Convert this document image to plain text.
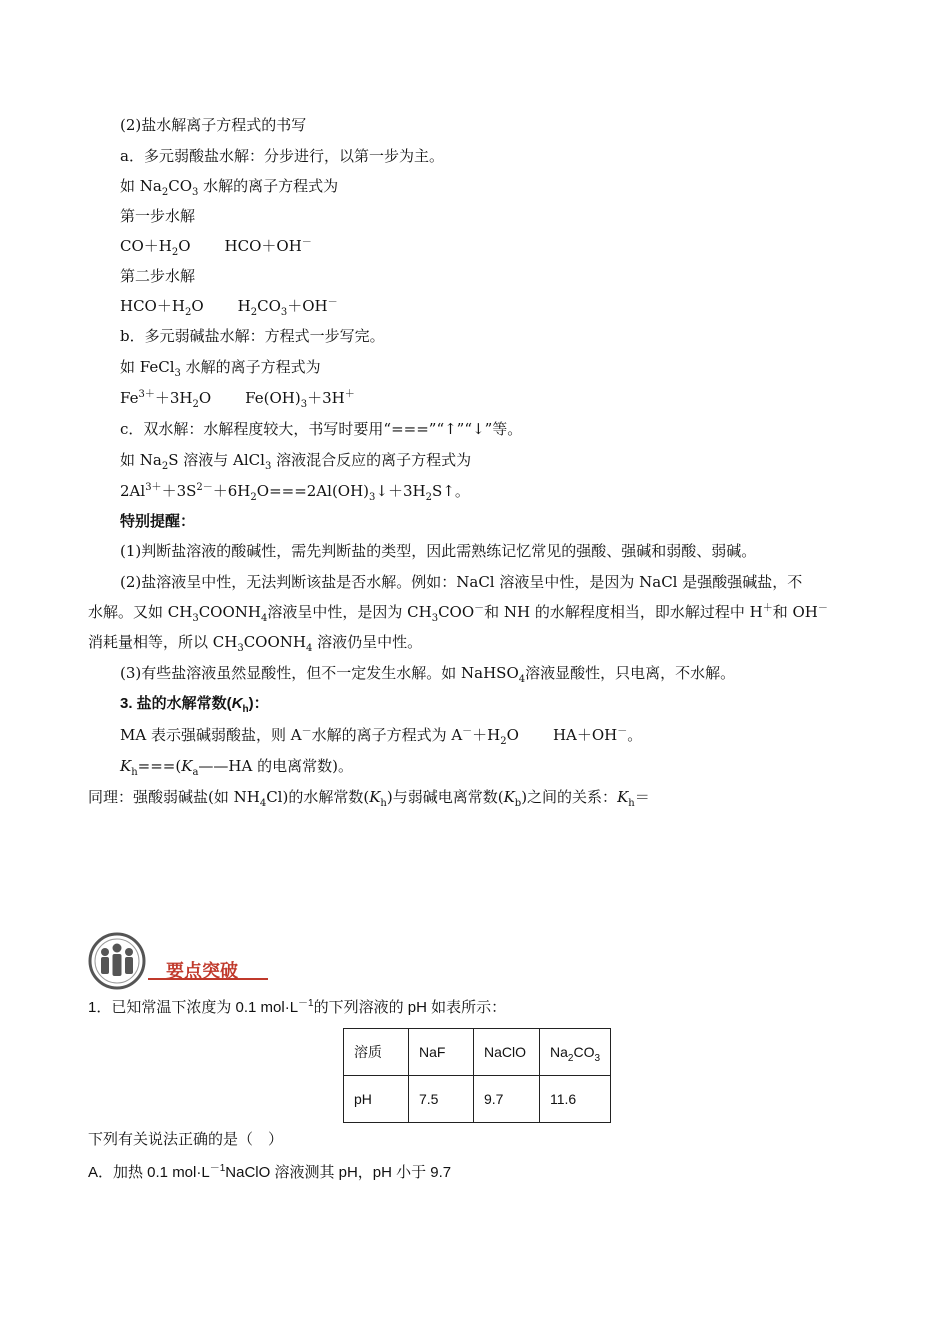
(2)盐水解离子方程式的书写
a．多元弱酸盐水解：分步进行，以第一步为主。
如 $Na_2CO_3$ 水解的离子方程式为
第一步水解
$CO+H_2O$ HCO＋OH－
第二步水解
$HCO+H_2O$ $H_2CO_3+OH^-$
b．多元弱碱盐水解：方程式一步写完。
如 FeCl$_3$ 水解的离子方程式为
$Fe^{3+}+3H_2O$ $Fe(OH)_3+3H^+$
c．双水解：水解程度较大，书写时要用“===”“↑”“↓”等。
如 $Na_2S$ 溶液与 AlCl$_3$ 溶液混合反应的离子方程式为
$2Al^{3+}+3S^{2-}+6H_2O===2Al(OH)_3↓+3H_2S↑$。
特别提醒：
(1)判断盐溶液的酸碱性，需先判断盐的类型，因此需熟练记忆常见的强酸、强碱和弱酸、弱碱。
(2)盐溶液呈中性，无法判断该盐是否水解。例如：NaCl 溶液呈中性，是因为 NaCl 是强酸强碱盐，不
水解。又如 $CH_3COONH_4$溶液呈中性，是因为 $CH_3COO^-$和 NH 的水解程度相当，即水解过程中 H＋和 OH－
消耗量相等，所以 $CH_3COONH_4$ 溶液仍呈中性。
(3)有些盐溶液虽然显酸性，但不一定发生水解。如 NaHSO$_4$溶液显酸性，只电离，不水解。
3. 盐的水解常数$(K_h)$：
MA 表示强碱弱酸盐，则 A－水解的离子方程式为 $A^-+H_2O$ HA＋OH－。
$K_h===(K_a——HA$ 的电离常数)。
同理：强酸弱碱盐(如 $NH_4Cl$)的水解常数$(K_h)$与弱碱电离常数$(K_b)$之间的关系：$K_h=$
要点突破
1．已知常温下浓度为 0.1 $mol\cdot L^{-1}$的下列溶液的 pH 如表所示：
溶质	NaF	NaClO	$Na_2CO_3$
pH	7.5	9.7	11.6
下列有关说法正确的是（　）
A．加热 0.1 $mol\cdot L^{-1}NaClO$ 溶液测其 pH，pH 小于 9.7
